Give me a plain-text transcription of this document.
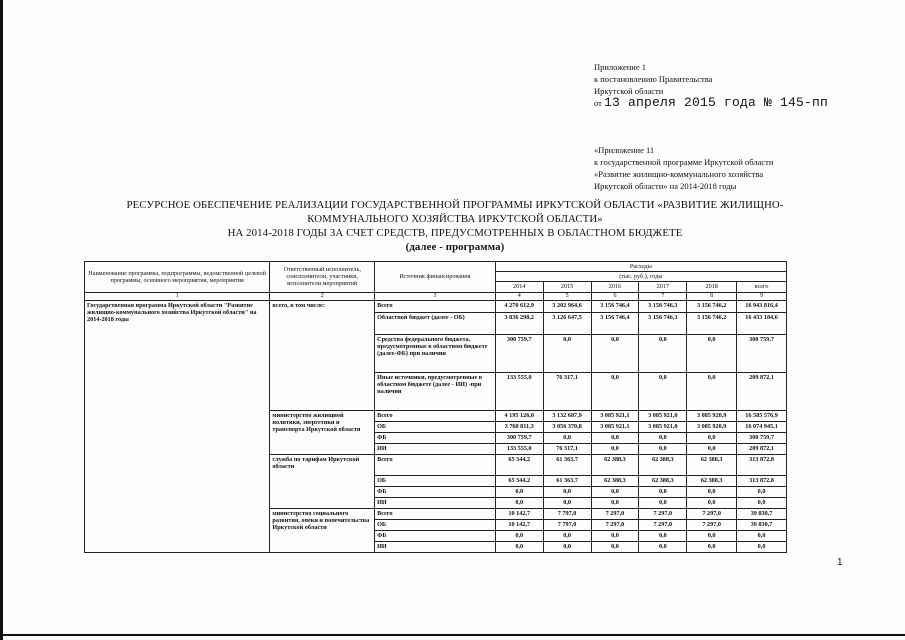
Приложение 1
к постановлению Правительства
Иркутской области
от 13 апреля 2015 года № 145-пп
«Приложение 11
к государственной программе Иркутской области
«Развитие жилищно-коммунального хозяйства
Иркутской области» на 2014-2018 годы
РЕСУРСНОЕ ОБЕСПЕЧЕНИЕ РЕАЛИЗАЦИИ ГОСУДАРСТВЕННОЙ ПРОГРАММЫ ИРКУТСКОЙ ОБЛАСТИ «РАЗВИТИЕ ЖИЛИЩНО-
КОММУНАЛЬНОГО ХОЗЯЙСТВА ИРКУТСКОЙ ОБЛАСТИ»
НА 2014-2018 ГОДЫ ЗА СЧЕТ СРЕДСТВ, ПРЕДУСМОТРЕННЫХ В ОБЛАСТНОМ БЮДЖЕТЕ
(далее - программа)
Наименование программы, подпрограммы, ведомственной целевой программы, основного мероприятия, мероприятия	Ответственный исполнитель, соисполнители, участники, исполнители мероприятий	Источник финансирования	Расходы					
			(тыс. руб.), годы					
			2014	2015	2016	2017	2018	всего
1	2	3	4	5	6	7	8	9
Государственная программа Иркутской области "Развитие жилищно-коммунального хозяйства Иркутской области" на 2014-2018 годы	всего, в том числе:	Всего	4 270 612,9	3 202 964,6	3 156 746,4	3 156 746,3	3 156 746,2	16 943 816,4
		Областной бюджет (далее - ОБ)	3 836 298,2	3 126 647,5	3 156 746,4	3 156 746,3	3 156 746,2	16 433 184,6
		Средства федерального бюджета, предусмотренные в областном бюджете (далее-ФБ) при наличии	300 759,7	0,0	0,0	0,0	0,0	300 759,7
		Иные источники, предусмотренные в областном бюджете (далее - ИИ) -при наличии	133 555,0	76 317,1	0,0	0,0	0,0	209 872,1
	министерство жилищной политики, энергетики и транспорта Иркутской области	Всего	4 195 126,0	3 132 687,9	3 085 921,1	3 085 921,0	3 085 920,9	16 585 576,9
		ОБ	3 760 811,3	3 056 370,8	3 085 921,1	3 085 921,0	3 085 920,9	16 074 945,1
		ФБ	300 759,7	0,0	0,0	0,0	0,0	300 759,7
		ИИ	133 555,0	76 317,1	0,0	0,0	0,0	209 872,1
	служба по тарифам Иркутской области	Всего	65 344,2	61 363,7	62 388,3	62 388,3	62 388,3	313 872,8
		ОБ	65 344,2	61 363,7	62 388,3	62 388,3	62 388,3	313 872,8
		ФБ	0,0	0,0	0,0	0,0	0,0	0,0
		ИИ	0,0	0,0	0,0	0,0	0,0	0,0
	министерство социального развития, опеки и попечительства Иркутской области	Всего	10 142,7	7 797,0	7 297,0	7 297,0	7 297,0	39 830,7
		ОБ	10 142,7	7 797,0	7 297,0	7 297,0	7 297,0	39 830,7
		ФБ	0,0	0,0	0,0	0,0	0,0	0,0
		ИИ	0,0	0,0	0,0	0,0	0,0	0,0
1
